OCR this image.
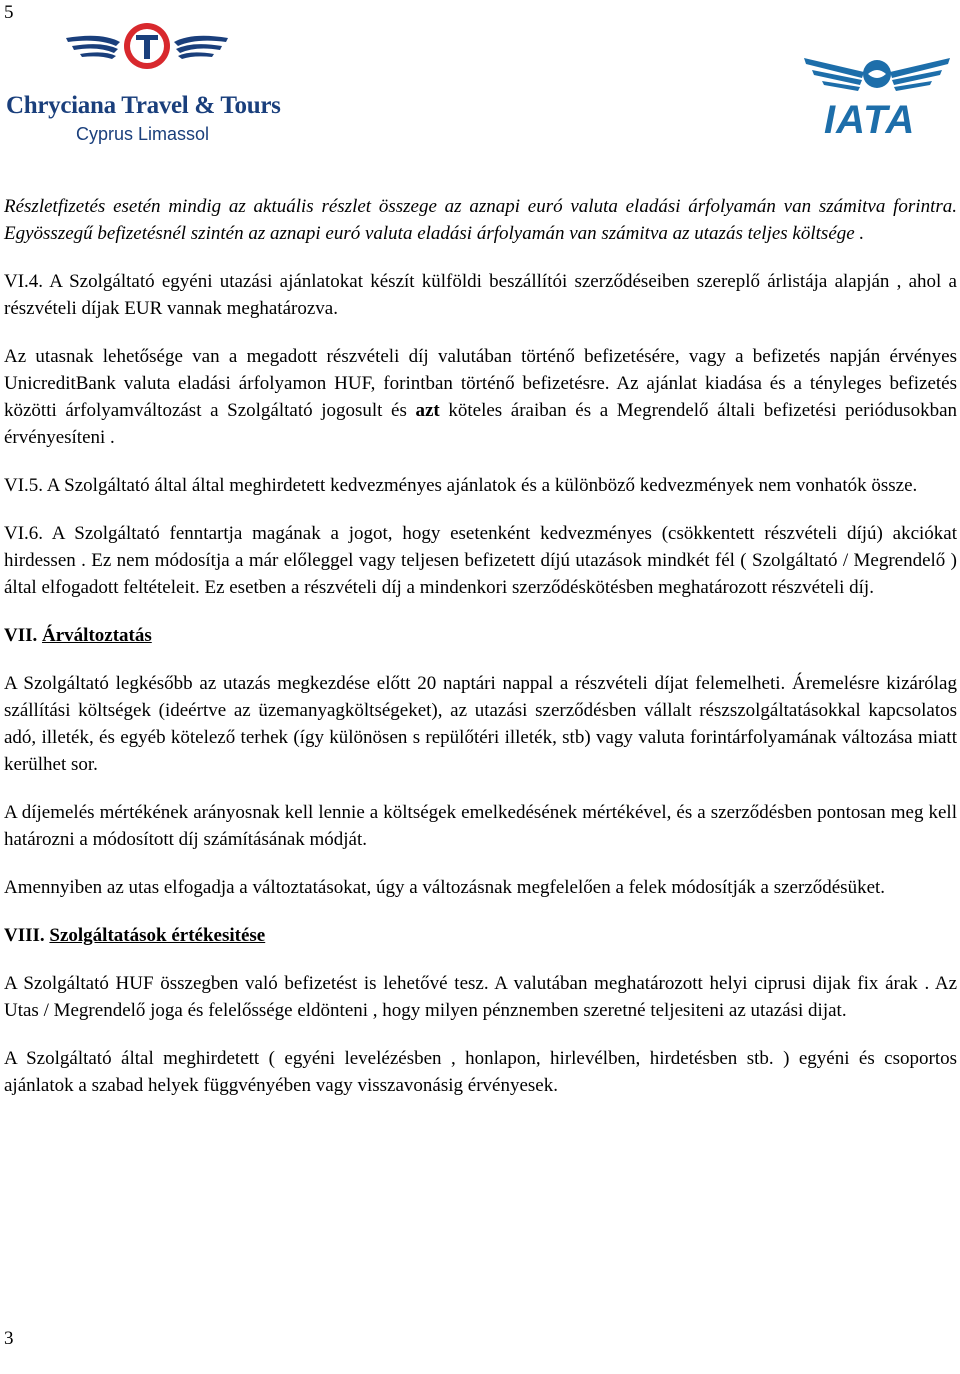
5
Chryciana Travel & Tours
Cyprus Limassol	IATA

Részletfizetés esetén mindig az aktuális részlet összege az aznapi euró valuta eladási árfolyamán van számitva forintra. Egyösszegű befizetésnél szintén az aznapi euró valuta eladási árfolyamán van számitva az utazás teljes költsége .

VI.4. A Szolgáltató egyéni utazási ajánlatokat készít külföldi beszállítói szerződéseiben szereplő árlistája alapján , ahol a részvételi díjak EUR vannak meghatározva.

Az utasnak lehetősége van a megadott részvételi díj valutában történő befizetésére, vagy a befizetés napján érvényes UnicreditBank valuta eladási árfolyamon HUF, forintban történő befizetésre. Az ajánlat kiadása és a tényleges befizetés közötti árfolyamváltozást a Szolgáltató jogosult és azt köteles áraiban és a Megrendelő általi befizetési periódusokban érvényesíteni .

VI.5. A Szolgáltató által által meghirdetett kedvezményes ajánlatok és a különböző kedvezmények nem vonhatók össze.

VI.6. A Szolgáltató fenntartja magának a jogot, hogy esetenként kedvezményes (csökkentett részvételi díjú) akciókat hirdessen . Ez nem módosítja a már előleggel vagy teljesen befizetett díjú utazások mindkét fél ( Szolgáltató / Megrendelő ) által elfogadott feltételeit. Ez esetben a részvételi díj a mindenkori szerződéskötésben meghatározott részvételi díj.

VII. Árváltoztatás

A Szolgáltató legkésőbb az utazás megkezdése előtt 20 naptári nappal a részvételi díjat felemelheti. Áremelésre kizárólag szállítási költségek (ideértve az üzemanyagköltségeket), az utazási szerződésben vállalt részszolgáltatásokkal kapcsolatos adó, illeték, és egyéb kötelező terhek (így különösen s repülőtéri illeték, stb) vagy valuta forintárfolyamának változása miatt kerülhet sor.

A díjemelés mértékének arányosnak kell lennie a költségek emelkedésének mértékével, és a szerződésben pontosan meg kell határozni a módosított díj számításának módját.

Amennyiben az utas elfogadja a változtatásokat, úgy a változásnak megfelelően a felek módosítják a szerződésüket.

VIII. Szolgáltatások értékesitése

A Szolgáltató HUF összegben való befizetést is lehetővé tesz. A valutában meghatározott helyi ciprusi dijak fix árak . Az Utas / Megrendelő joga és felelőssége eldönteni , hogy milyen pénznemben szeretné teljesiteni az utazási dijat.

A Szolgáltató által meghirdetett ( egyéni levelézésben , honlapon, hirlevélben, hirdetésben stb. ) egyéni és csoportos ajánlatok a szabad helyek függvényében vagy visszavonásig érvényesek.

3
